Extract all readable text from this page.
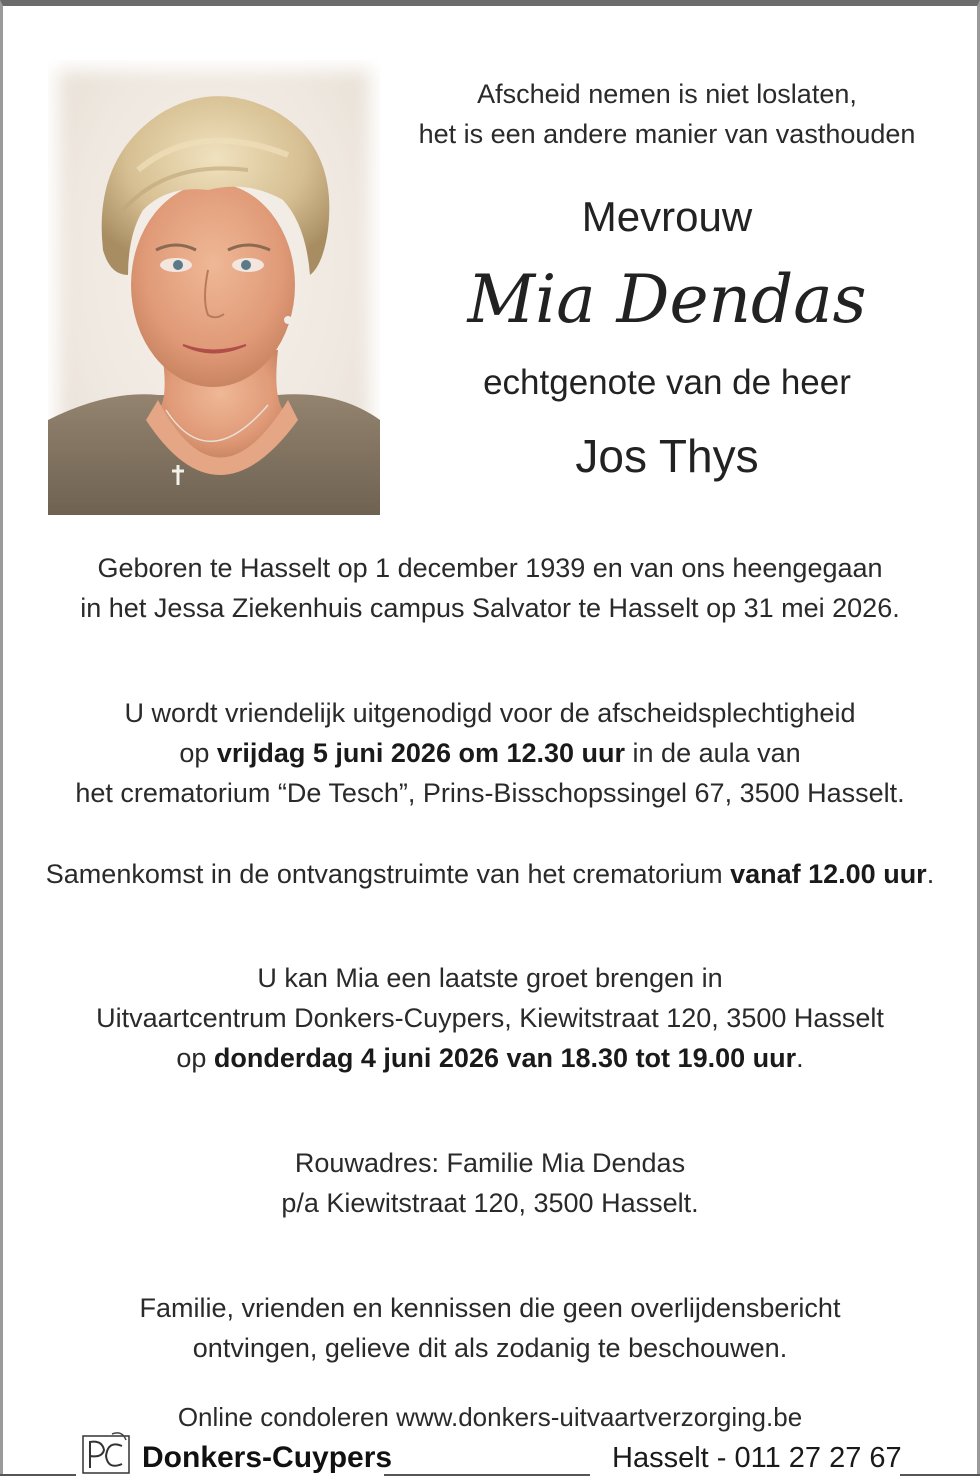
Afscheid nemen is niet loslaten,
het is een andere manier van vasthouden
Mevrouw
Mia Dendas
echtgenote van de heer
Jos Thys
Geboren te Hasselt op 1 december 1939 en van ons heengegaan
in het Jessa Ziekenhuis campus Salvator te Hasselt op 31 mei 2026.
U wordt vriendelijk uitgenodigd voor de afscheidsplechtigheid
op vrijdag 5 juni 2026 om 12.30 uur in de aula van
het crematorium “De Tesch”, Prins-Bisschopssingel 67, 3500 Hasselt.
Samenkomst in de ontvangstruimte van het crematorium vanaf 12.00 uur.
U kan Mia een laatste groet brengen in
Uitvaartcentrum Donkers-Cuypers, Kiewitstraat 120, 3500 Hasselt
op donderdag 4 juni 2026 van 18.30 tot 19.00 uur.
Rouwadres: Familie Mia Dendas
p/a Kiewitstraat 120, 3500 Hasselt.
Familie, vrienden en kennissen die geen overlijdensbericht
ontvingen, gelieve dit als zodanig te beschouwen.
Online condoleren www.donkers-uitvaartverzorging.be
Donkers-Cuypers	Hasselt - 011 27 27 67
